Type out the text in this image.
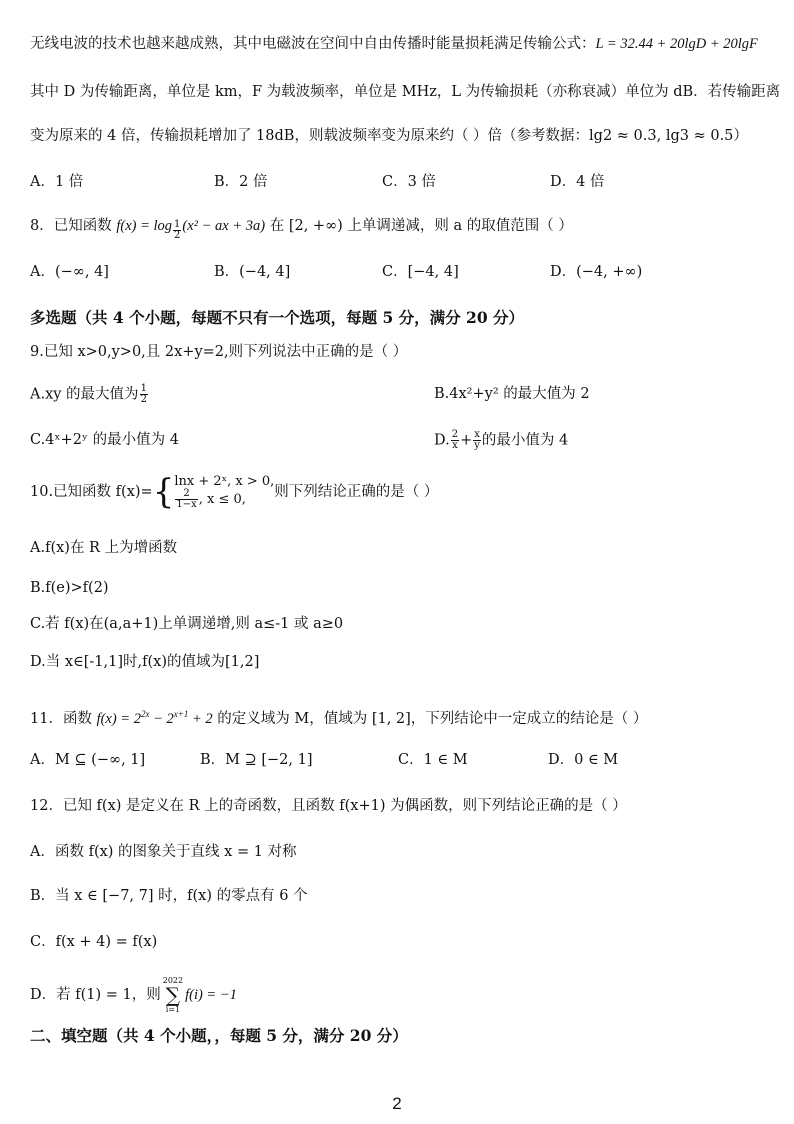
无线电波的技术也越来越成熟，其中电磁波在空间中自由传播时能量损耗满足传输公式：L = 32.44 + 20lgD + 20lgF
其中 D 为传输距离，单位是 km，F 为载波频率，单位是 MHz，L 为传输损耗（亦称衰减）单位为 dB．若传输距离
变为原来的 4 倍，传输损耗增加了 18dB，则载波频率变为原来约（ ）倍（参考数据：lg2 ≈ 0.3, lg3 ≈ 0.5）
A．1 倍	B．2 倍	C．3 倍	D．4 倍
8．已知函数 $f(x) = \log \frac{1}{2} (x^2$ − ax + 3a) 在 [2, +∞) 上单调递减，则 a 的取值范围（ ）
A．(−∞, 4]	B．(−4, 4]	C．[−4, 4]	D．(−4, +∞)
多选题（共 4 个小题，每题不只有一个选项，每题 5 分，满分 20 分）
9.已知 x>0,y>0,且 2x+y=2,则下列说法中正确的是（ ）
A.xy 的最大值为 $\frac{1}{2}$	B.4x²+y² 的最大值为 2
C.4ˣ+2ʸ 的最小值为 4	D. $\frac{2}{x} + \frac{x}{y}$ 的最小值为 4
10.已知函数 f(x)={ lnx + 2ˣ, x > 0,
$\frac{2}{1-x}$ , x ≤ 0,	则下列结论正确的是（ ）
A.f(x)在 R 上为增函数
B.f(e)>f(2)
C.若 f(x)在(a,a+1)上单调递增,则 a≤-1 或 a≥0
D.当 x∈[-1,1]时,f(x)的值域为[1,2]
11．函数 $f(x) = 2^{2x} - 2^{x+1} + 2$ 的定义域为 M，值域为 [1, 2]，下列结论中一定成立的结论是（ ）
A．M ⊆ (−∞, 1]	B．M ⊇ [−2, 1]	C．1 ∈ M	D．0 ∈ M
12．已知 f(x) 是定义在 R 上的奇函数，且函数 f(x+1) 为偶函数，则下列结论正确的是（ ）
A．函数 f(x) 的图象关于直线 x = 1 对称
B．当 x ∈ [−7, 7] 时，f(x) 的零点有 6 个
C．f(x + 4) = f(x)
D．若 f(1) = 1，则
2022
∑
i=1
f(i) = −1
二、填空题（共 4 个小题，，每题 5 分，满分 20 分）
2
